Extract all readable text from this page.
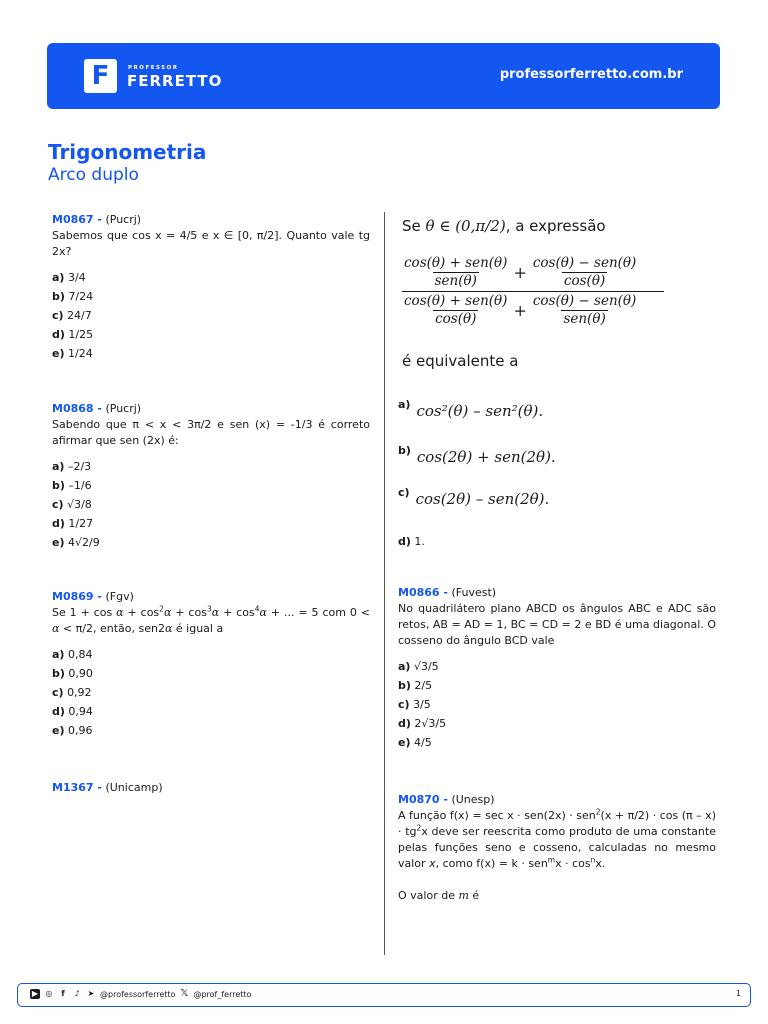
F	PROFESSOR
FERRETTO	professorferretto.com.br
Trigonometria
Arco duplo
M0867 - (Pucrj)
Sabemos que cos x = 4/5 e x ∈ [0, π/2]. Quanto vale tg 2x?
a) 3/4
b) 7/24
c) 24/7
d) 1/25
e) 1/24
M0868 - (Pucrj)
Sabendo que π < x < 3π/2 e sen (x) = -1/3 é correto afirmar que sen (2x) é:
a) –2/3
b) –1/6
c) √3/8
d) 1/27
e) 4√2/9
M0869 - (Fgv)
Se $1 + \cos \alpha + \cos^2\alpha + \cos^3\alpha + \cos^4\alpha$ + ... = 5 com 0 < α < π/2, então, sen2α é igual a
a) 0,84
b) 0,90
c) 0,92
d) 0,94
e) 0,96
M1367 - (Unicamp)
Se θ ∈ (0,π/2), a expressão
$\frac{\text{cos(θ) + sen(θ)}}{\text{sen(θ)}} + \frac{\text{cos(θ) − sen(θ)}}{\cos(\theta)}$
$\frac{\text{cos(θ) + sen(θ)}}{\cos(\theta)} + \frac{\text{cos(θ) − sen(θ)}}{\text{sen(θ)}}$
é equivalente a
$^{a)}$ cos²(θ) – sen²(θ).
$^{b)}$ cos(2θ) + sen(2θ).
$^{c)}$ cos(2θ) – sen(2θ).
d) 1.
M0866 - (Fuvest)
No quadrilátero plano ABCD os ângulos ABC e ADC são retos, AB = AD = 1, BC = CD = 2 e BD é uma diagonal. O cosseno do ângulo BCD vale
a) √3/5
b) 2/5
c) 3/5
d) 2√3/5
e) 4/5
M0870 - (Unesp)
A função $f(x) = \sec x \cdot sen(2x) \cdot sen^2(x + \pi/2) \cdot \cos (\pi - x) \cdot tg^2x$ deve ser reescrita como produto de uma constante pelas funções seno e cosseno, calculadas no mesmo valor x, como $f(x) = k \cdot sen^mx \cdot \cos^nx$.
O valor de m é
▶ ◎	f	♪	➤ @professorferretto 𝕏 @prof_ferretto	1
